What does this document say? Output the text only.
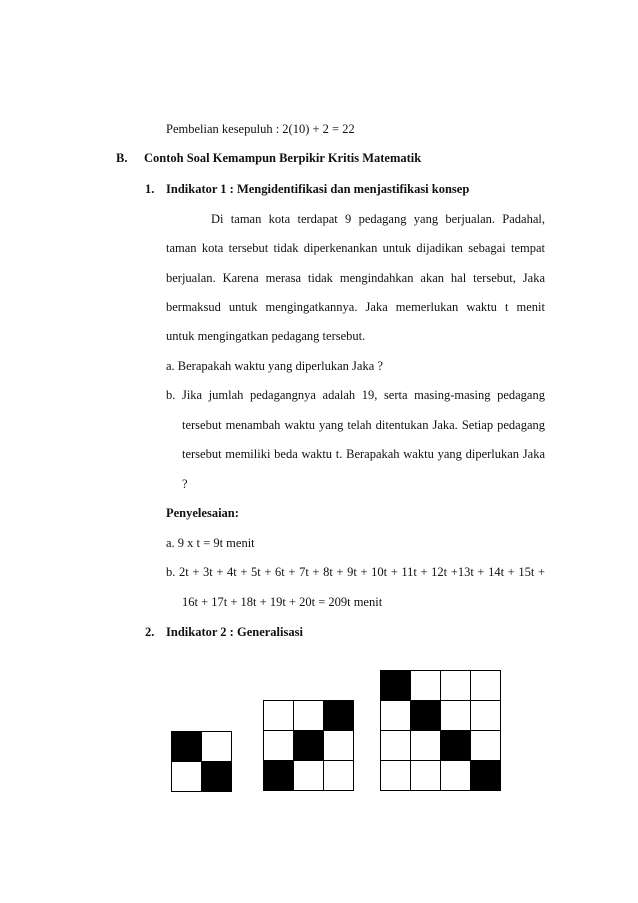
Pembelian kesepuluh : 2(10) + 2 = 22
B. Contoh Soal Kemampun Berpikir Kritis Matematik
1. Indikator 1 : Mengidentifikasi dan menjastifikasi konsep
Di taman kota terdapat 9 pedagang yang berjualan. Padahal,
taman kota tersebut tidak diperkenankan untuk dijadikan sebagai tempat
berjualan. Karena merasa tidak mengindahkan akan hal tersebut, Jaka
bermaksud untuk mengingatkannya. Jaka memerlukan waktu t menit
untuk mengingatkan pedagang tersebut.
a. Berapakah waktu yang diperlukan Jaka ?
b. Jika jumlah pedagangnya adalah 19, serta masing-masing pedagang
tersebut menambah waktu yang telah ditentukan Jaka. Setiap pedagang
tersebut memiliki beda waktu t. Berapakah waktu yang diperlukan Jaka
?
Penyelesaian:
a. 9 x t = 9t menit
b. 2t + 3t + 4t + 5t + 6t + 7t + 8t + 9t + 10t + 11t + 12t +13t + 14t + 15t +
16t + 17t + 18t + 19t + 20t = 209t menit
2. Indikator 2 : Generalisasi
